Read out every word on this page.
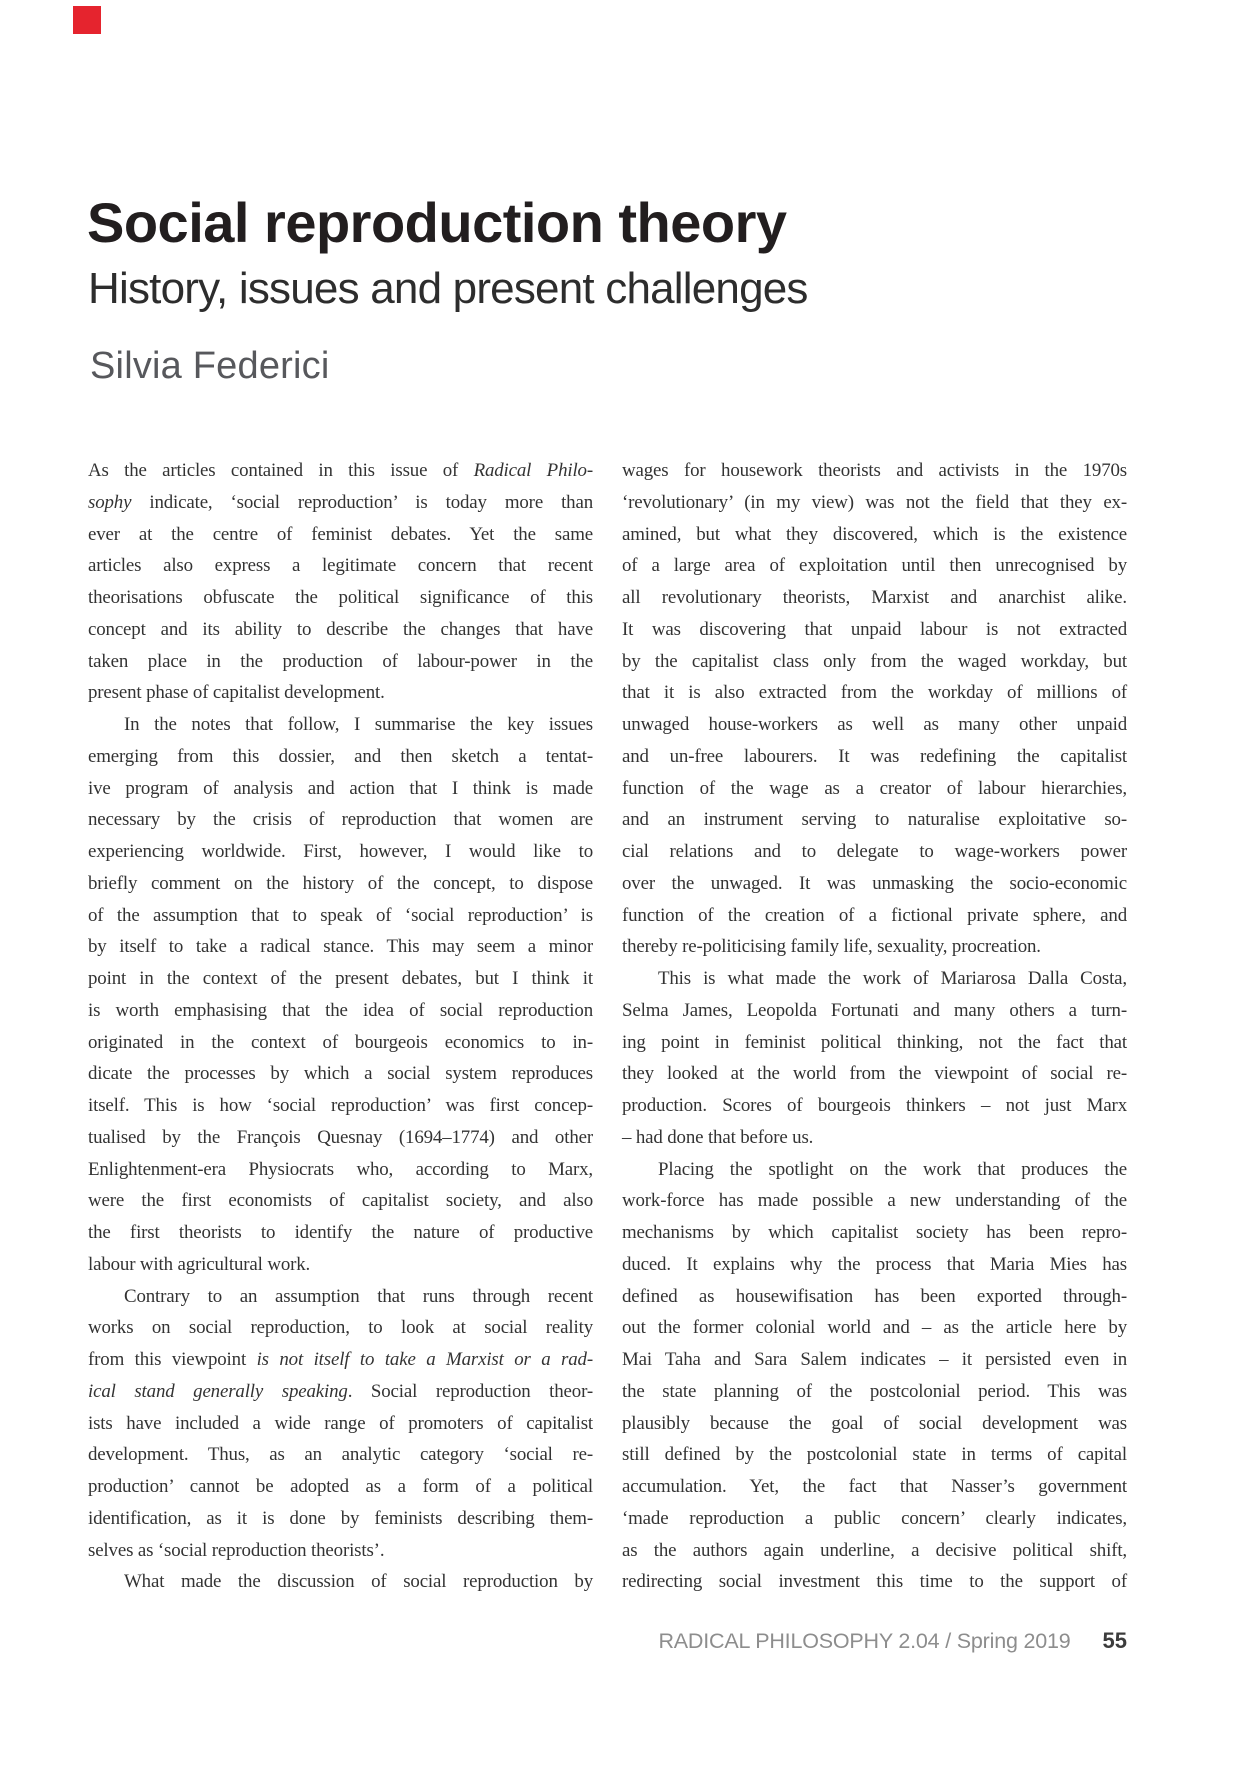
Social reproduction theory
History, issues and present challenges
Silvia Federici
As the articles contained in this issue of Radical Philo-
sophy indicate, ‘social reproduction’ is today more than
ever at the centre of feminist debates. Yet the same
articles also express a legitimate concern that recent
theorisations obfuscate the political significance of this
concept and its ability to describe the changes that have
taken place in the production of labour-power in the
present phase of capitalist development.
In the notes that follow, I summarise the key issues
emerging from this dossier, and then sketch a tentat-
ive program of analysis and action that I think is made
necessary by the crisis of reproduction that women are
experiencing worldwide. First, however, I would like to
briefly comment on the history of the concept, to dispose
of the assumption that to speak of ‘social reproduction’ is
by itself to take a radical stance. This may seem a minor
point in the context of the present debates, but I think it
is worth emphasising that the idea of social reproduction
originated in the context of bourgeois economics to in-
dicate the processes by which a social system reproduces
itself. This is how ‘social reproduction’ was first concep-
tualised by the François Quesnay (1694–1774) and other
Enlightenment-era Physiocrats who, according to Marx,
were the first economists of capitalist society, and also
the first theorists to identify the nature of productive
labour with agricultural work.
Contrary to an assumption that runs through recent
works on social reproduction, to look at social reality
from this viewpoint is not itself to take a Marxist or a rad-
ical stand generally speaking. Social reproduction theor-
ists have included a wide range of promoters of capitalist
development. Thus, as an analytic category ‘social re-
production’ cannot be adopted as a form of a political
identification, as it is done by feminists describing them-
selves as ‘social reproduction theorists’.
What made the discussion of social reproduction by
wages for housework theorists and activists in the 1970s
‘revolutionary’ (in my view) was not the field that they ex-
amined, but what they discovered, which is the existence
of a large area of exploitation until then unrecognised by
all revolutionary theorists, Marxist and anarchist alike.
It was discovering that unpaid labour is not extracted
by the capitalist class only from the waged workday, but
that it is also extracted from the workday of millions of
unwaged house-workers as well as many other unpaid
and un-free labourers. It was redefining the capitalist
function of the wage as a creator of labour hierarchies,
and an instrument serving to naturalise exploitative so-
cial relations and to delegate to wage-workers power
over the unwaged. It was unmasking the socio-economic
function of the creation of a fictional private sphere, and
thereby re-politicising family life, sexuality, procreation.
This is what made the work of Mariarosa Dalla Costa,
Selma James, Leopolda Fortunati and many others a turn-
ing point in feminist political thinking, not the fact that
they looked at the world from the viewpoint of social re-
production. Scores of bourgeois thinkers – not just Marx
– had done that before us.
Placing the spotlight on the work that produces the
work-force has made possible a new understanding of the
mechanisms by which capitalist society has been repro-
duced. It explains why the process that Maria Mies has
defined as housewifisation has been exported through-
out the former colonial world and – as the article here by
Mai Taha and Sara Salem indicates – it persisted even in
the state planning of the postcolonial period. This was
plausibly because the goal of social development was
still defined by the postcolonial state in terms of capital
accumulation. Yet, the fact that Nasser’s government
‘made reproduction a public concern’ clearly indicates,
as the authors again underline, a decisive political shift,
redirecting social investment this time to the support of
RADICAL PHILOSOPHY 2.04 / Spring 2019 55
